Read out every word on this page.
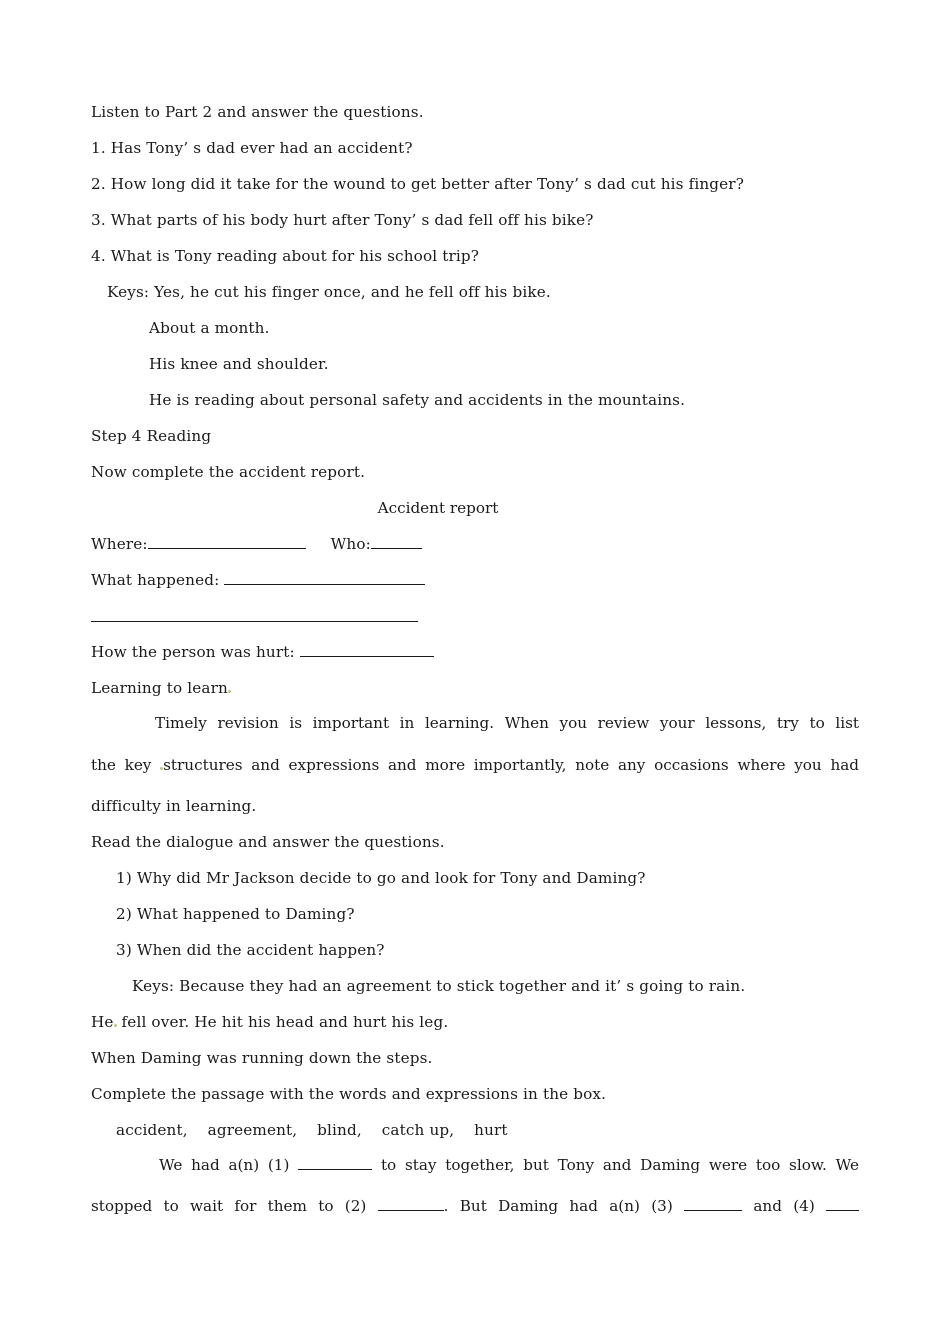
Listen to Part 2 and answer the questions.
1. Has Tony’ s dad ever had an accident?
2. How long did it take for the wound to get better after Tony’ s dad cut his finger?
3. What parts of his body hurt after Tony’ s dad fell off his bike?
4. What is Tony reading about for his school trip?
Keys: Yes, he cut his finger once, and he fell off his bike.
About a month.
His knee and shoulder.
He is reading about personal safety and accidents in the mountains.
Step 4 Reading
Now complete the accident report.
Accident report
Where:	Who:
What happened:
How the person was hurt:
Learning to learn
Timely revision is important in learning. When you review your lessons, try to list
the key structures and expressions and more importantly, note any occasions where you had
difficulty in learning.
Read the dialogue and answer the questions.
1) Why did Mr Jackson decide to go and look for Tony and Daming?
2) What happened to Daming?
3) When did the accident happen?
Keys: Because they had an agreement to stick together and it’ s going to rain.
He fell over. He hit his head and hurt his leg.
When Daming was running down the steps.
Complete the passage with the words and expressions in the box.
accident, agreement, blind, catch up, hurt
We had a(n) (1)	to stay together, but Tony and Daming were too slow. We
stopped to wait for them to (2)	. But Daming had a(n) (3)	and (4)
